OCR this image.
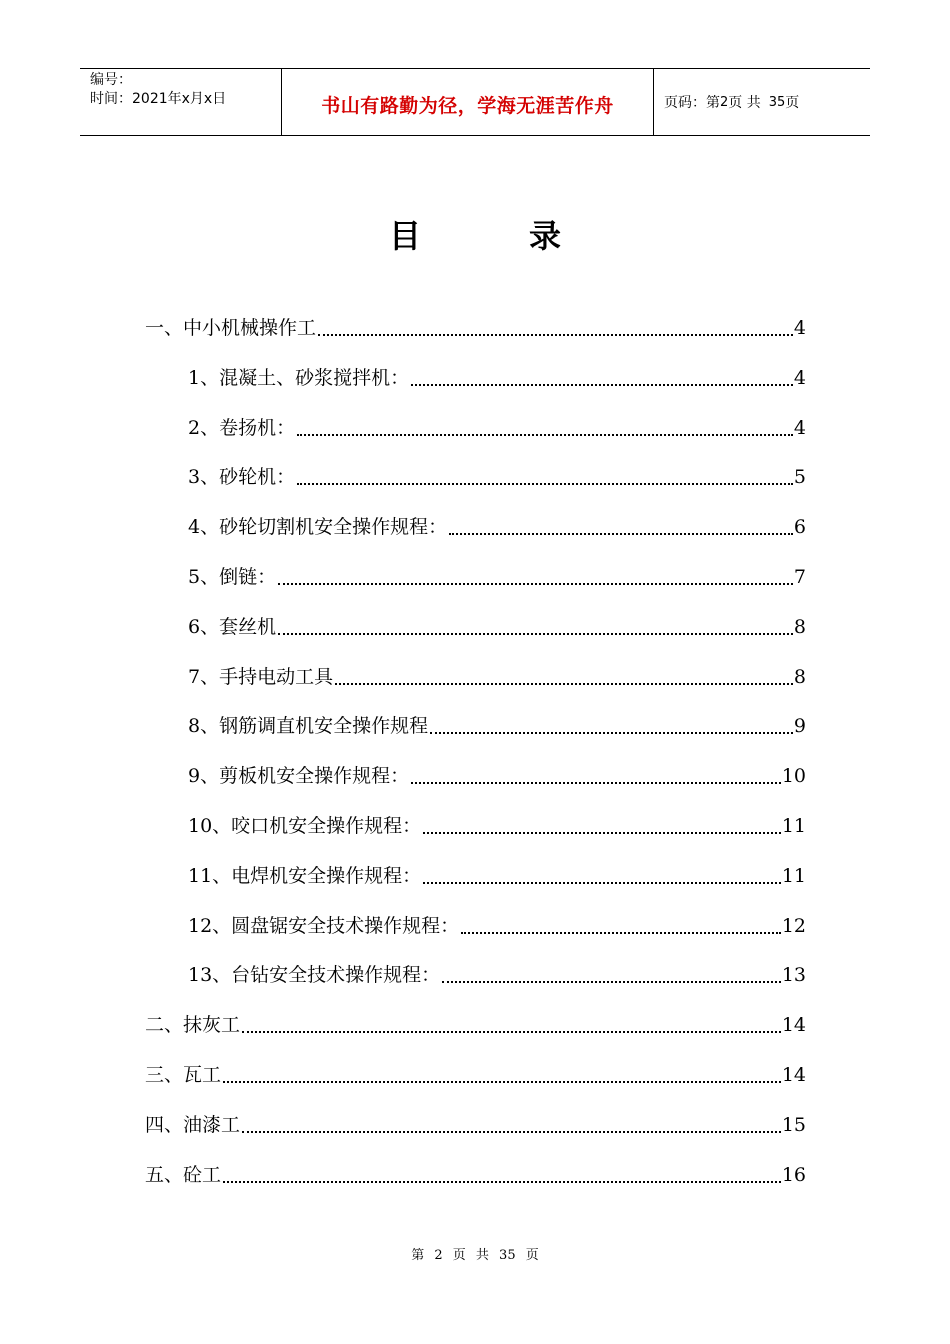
编号：
时间：2021年x月x日	书山有路勤为径，学海无涯苦作舟	页码：第 2 页 共 35 页
目	录
一、中小机械操作工	4
1、混凝土、砂浆搅拌机：	4
2、卷扬机：	4
3、砂轮机：	5
4、砂轮切割机安全操作规程：	6
5、倒链：	7
6、套丝机	8
7、手持电动工具	8
8、钢筋调直机安全操作规程	9
9、剪板机安全操作规程：	10
10、咬口机安全操作规程：	11
11、电焊机安全操作规程：	11
12、圆盘锯安全技术操作规程：	12
13、台钻安全技术操作规程：	13
二、抹灰工	14
三、瓦工	14
四、油漆工	15
五、砼工	16
第 2 页 共 35 页
